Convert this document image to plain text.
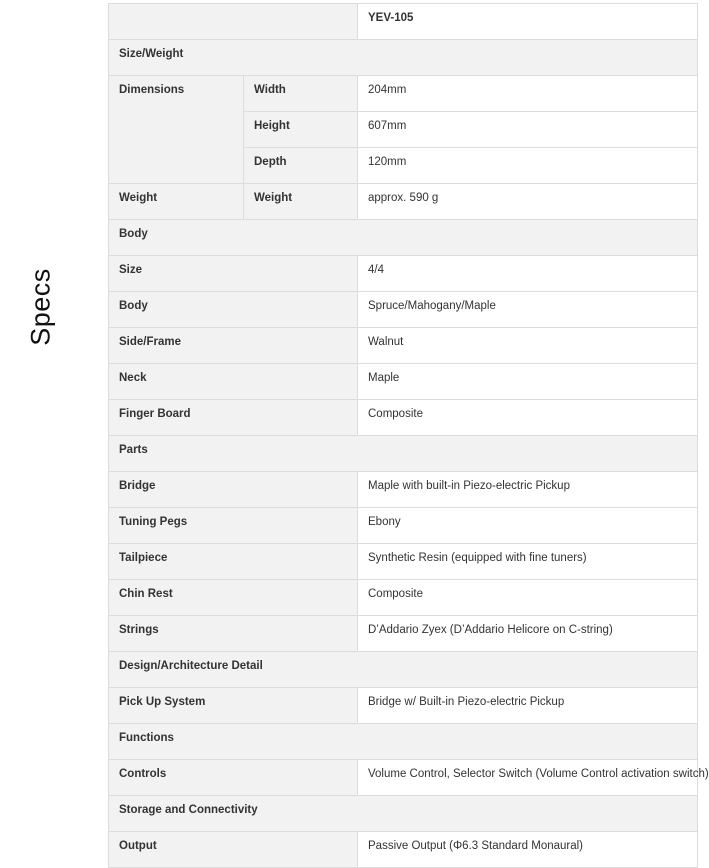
Specs
		YEV-105
Size/Weight		
Dimensions	Width	204mm
	Height	607mm
	Depth	120mm
Weight	Weight	approx. 590 g
Body		
Size		4/4
Body		Spruce/Mahogany/Maple
Side/Frame		Walnut
Neck		Maple
Finger Board		Composite
Parts		
Bridge		Maple with built-in Piezo-electric Pickup
Tuning Pegs		Ebony
Tailpiece		Synthetic Resin (equipped with fine tuners)
Chin Rest		Composite
Strings		D’Addario Zyex (D’Addario Helicore on C-string)
Design/Architecture Detail		
Pick Up System		Bridge w/ Built-in Piezo-electric Pickup
Functions		
Controls		Volume Control, Selector Switch (Volume Control activation switch)
Storage and Connectivity		
Output		Passive Output (Φ6.3 Standard Monaural)
